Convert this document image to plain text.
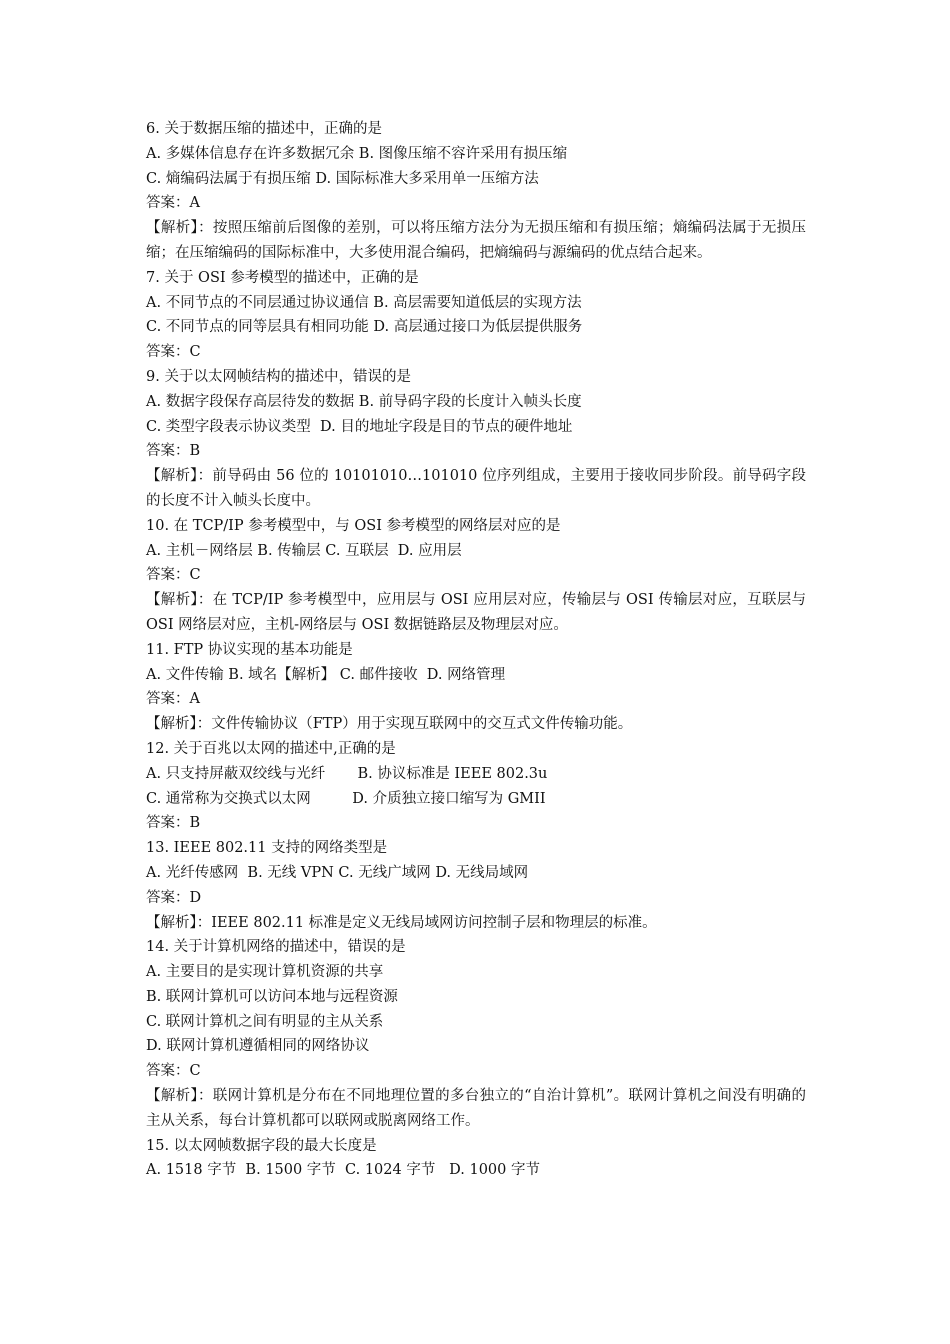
6. 关于数据压缩的描述中，正确的是
A. 多媒体信息存在许多数据冗余 B. 图像压缩不容许采用有损压缩
C. 熵编码法属于有损压缩 D. 国际标准大多采用单一压缩方法
答案：A
【解析】：按照压缩前后图像的差别，可以将压缩方法分为无损压缩和有损压缩；熵编码法属于无损压缩；在压缩编码的国际标准中，大多使用混合编码，把熵编码与源编码的优点结合起来。
7. 关于 OSI 参考模型的描述中，正确的是
A. 不同节点的不同层通过协议通信 B. 高层需要知道低层的实现方法
C. 不同节点的同等层具有相同功能 D. 高层通过接口为低层提供服务
答案：C
9. 关于以太网帧结构的描述中，错误的是
A. 数据字段保存高层待发的数据 B. 前导码字段的长度计入帧头长度
C. 类型字段表示协议类型  D. 目的地址字段是目的节点的硬件地址
答案：B
【解析】：前导码由 56 位的 10101010…101010 位序列组成，主要用于接收同步阶段。前导码字段的长度不计入帧头长度中。
10. 在 TCP/IP 参考模型中，与 OSI 参考模型的网络层对应的是
A. 主机－网络层 B. 传输层 C. 互联层  D. 应用层
答案：C
【解析】：在 TCP/IP 参考模型中，应用层与 OSI 应用层对应，传输层与 OSI 传输层对应，互联层与 OSI 网络层对应，主机-网络层与 OSI 数据链路层及物理层对应。
11. FTP 协议实现的基本功能是
A. 文件传输 B. 域名【解析】 C. 邮件接收  D. 网络管理
答案：A
【解析】：文件传输协议（FTP）用于实现互联网中的交互式文件传输功能。
12. 关于百兆以太网的描述中,正确的是
A. 只支持屏蔽双绞线与光纤       B. 协议标准是 IEEE 802.3u
C. 通常称为交换式以太网         D. 介质独立接口缩写为 GMII
答案：B
13. IEEE 802.11 支持的网络类型是
A. 光纤传感网  B. 无线 VPN C. 无线广域网 D. 无线局域网
答案：D
【解析】：IEEE 802.11 标准是定义无线局域网访问控制子层和物理层的标准。
14. 关于计算机网络的描述中，错误的是
A. 主要目的是实现计算机资源的共享
B. 联网计算机可以访问本地与远程资源
C. 联网计算机之间有明显的主从关系
D. 联网计算机遵循相同的网络协议
答案：C
【解析】：联网计算机是分布在不同地理位置的多台独立的“自治计算机”。联网计算机之间没有明确的主从关系，每台计算机都可以联网或脱离网络工作。
15. 以太网帧数据字段的最大长度是
A. 1518 字节  B. 1500 字节  C. 1024 字节   D. 1000 字节
